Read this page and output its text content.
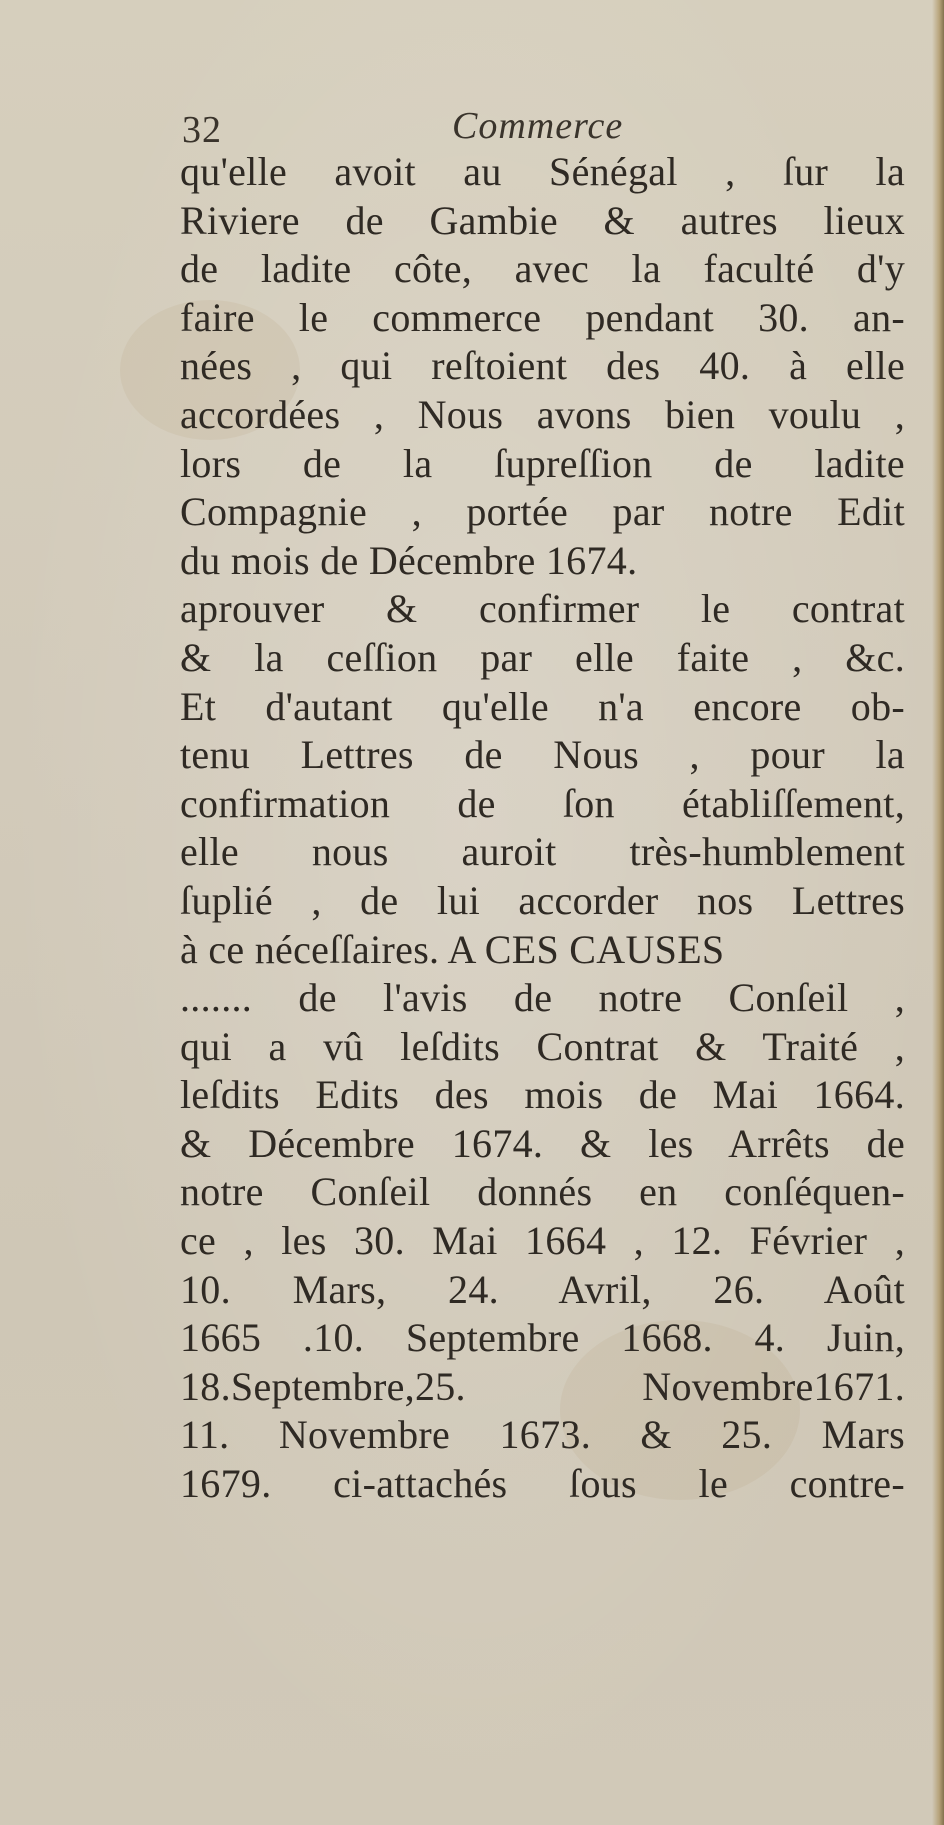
32	Commerce
qu'elle avoit au Sénégal , ſur la
Riviere de Gambie & autres lieux
de ladite côte, avec la faculté d'y
faire le commerce pendant 30. an-
nées , qui reſtoient des 40. à elle
accordées , Nous avons bien voulu ,
lors de la ſupreſſion de ladite
Compagnie , portée par notre Edit
du mois de Décembre 1674.
aprouver & confirmer le contrat
& la ceſſion par elle faite , &c.
Et d'autant qu'elle n'a encore ob-
tenu Lettres de Nous , pour la
confirmation de ſon établiſſement,
elle nous auroit très-humblement
ſuplié , de lui accorder nos Lettres
à ce néceſſaires. A CES CAUSES
....... de l'avis de notre Conſeil ,
qui a vû leſdits Contrat & Traité ,
leſdits Edits des mois de Mai 1664.
& Décembre 1674. & les Arrêts de
notre Conſeil donnés en conſéquen-
ce , les 30. Mai 1664 , 12. Février ,
10. Mars, 24. Avril, 26. Août
1665 .10. Septembre 1668. 4. Juin,
18.Septembre,25. Novembre1671.
11. Novembre 1673. & 25. Mars
1679. ci-attachés ſous le contre-
